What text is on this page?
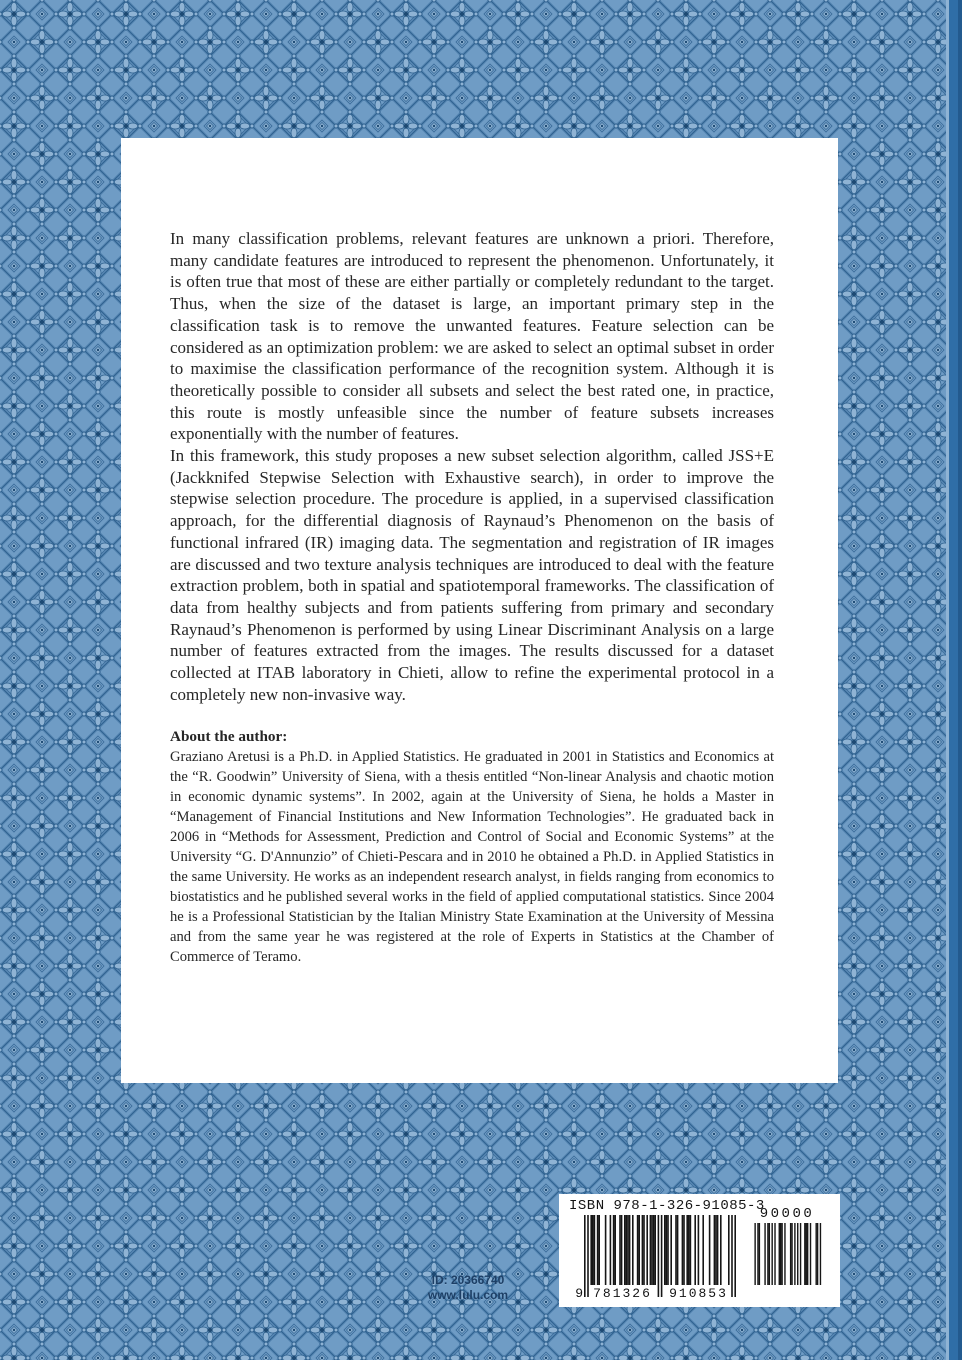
In many classification problems, relevant features are unknown a priori. Therefore, many candidate features are introduced to represent the phenomenon. Unfortunately, it is often true that most of these are either partially or completely redundant to the target. Thus, when the size of the dataset is large, an important primary step in the classification task is to remove the unwanted features. Feature selection can be considered as an optimization problem: we are asked to select an optimal subset in order to maximise the classification performance of the recognition system. Although it is theoretically possible to consider all subsets and select the best rated one, in practice, this route is mostly unfeasible since the number of feature subsets increases exponentially with the number of features.

In this framework, this study proposes a new subset selection algorithm, called JSS+E (Jackknifed Stepwise Selection with Exhaustive search), in order to improve the stepwise selection procedure. The procedure is applied, in a supervised classification approach, for the differential diagnosis of Raynaud’s Phenomenon on the basis of functional infrared (IR) imaging data. The segmentation and registration of IR images are discussed and two texture analysis techniques are introduced to deal with the feature extraction problem, both in spatial and spatiotemporal frameworks. The classification of data from healthy subjects and from patients suffering from primary and secondary Raynaud’s Phenomenon is performed by using Linear Discriminant Analysis on a large number of features extracted from the images. The results discussed for a dataset collected at ITAB laboratory in Chieti, allow to refine the experimental protocol in a completely new non-invasive way.

About the author:

Graziano Aretusi is a Ph.D. in Applied Statistics. He graduated in 2001 in Statistics and Economics at the “R. Goodwin” University of Siena, with a thesis entitled “Non-linear Analysis and chaotic motion in economic dynamic systems”. In 2002, again at the University of Siena, he holds a Master in “Management of Financial Institutions and New Information Technologies”. He graduated back in 2006 in “Methods for Assessment, Prediction and Control of Social and Economic Systems” at the University “G. D'Annunzio” of Chieti-Pescara and in 2010 he obtained a Ph.D. in Applied Statistics in the same University. He works as an independent research analyst, in fields ranging from economics to biostatistics and he published several works in the field of applied computational statistics. Since 2004 he is a Professional Statistician by the Italian Ministry State Examination at the University of Messina and from the same year he was registered at the role of Experts in Statistics at the Chamber of Commerce of Teramo.

ID: 20366740
www.lulu.com
ISBN 978-1-326-91085-3
9 781326	910853
90000
